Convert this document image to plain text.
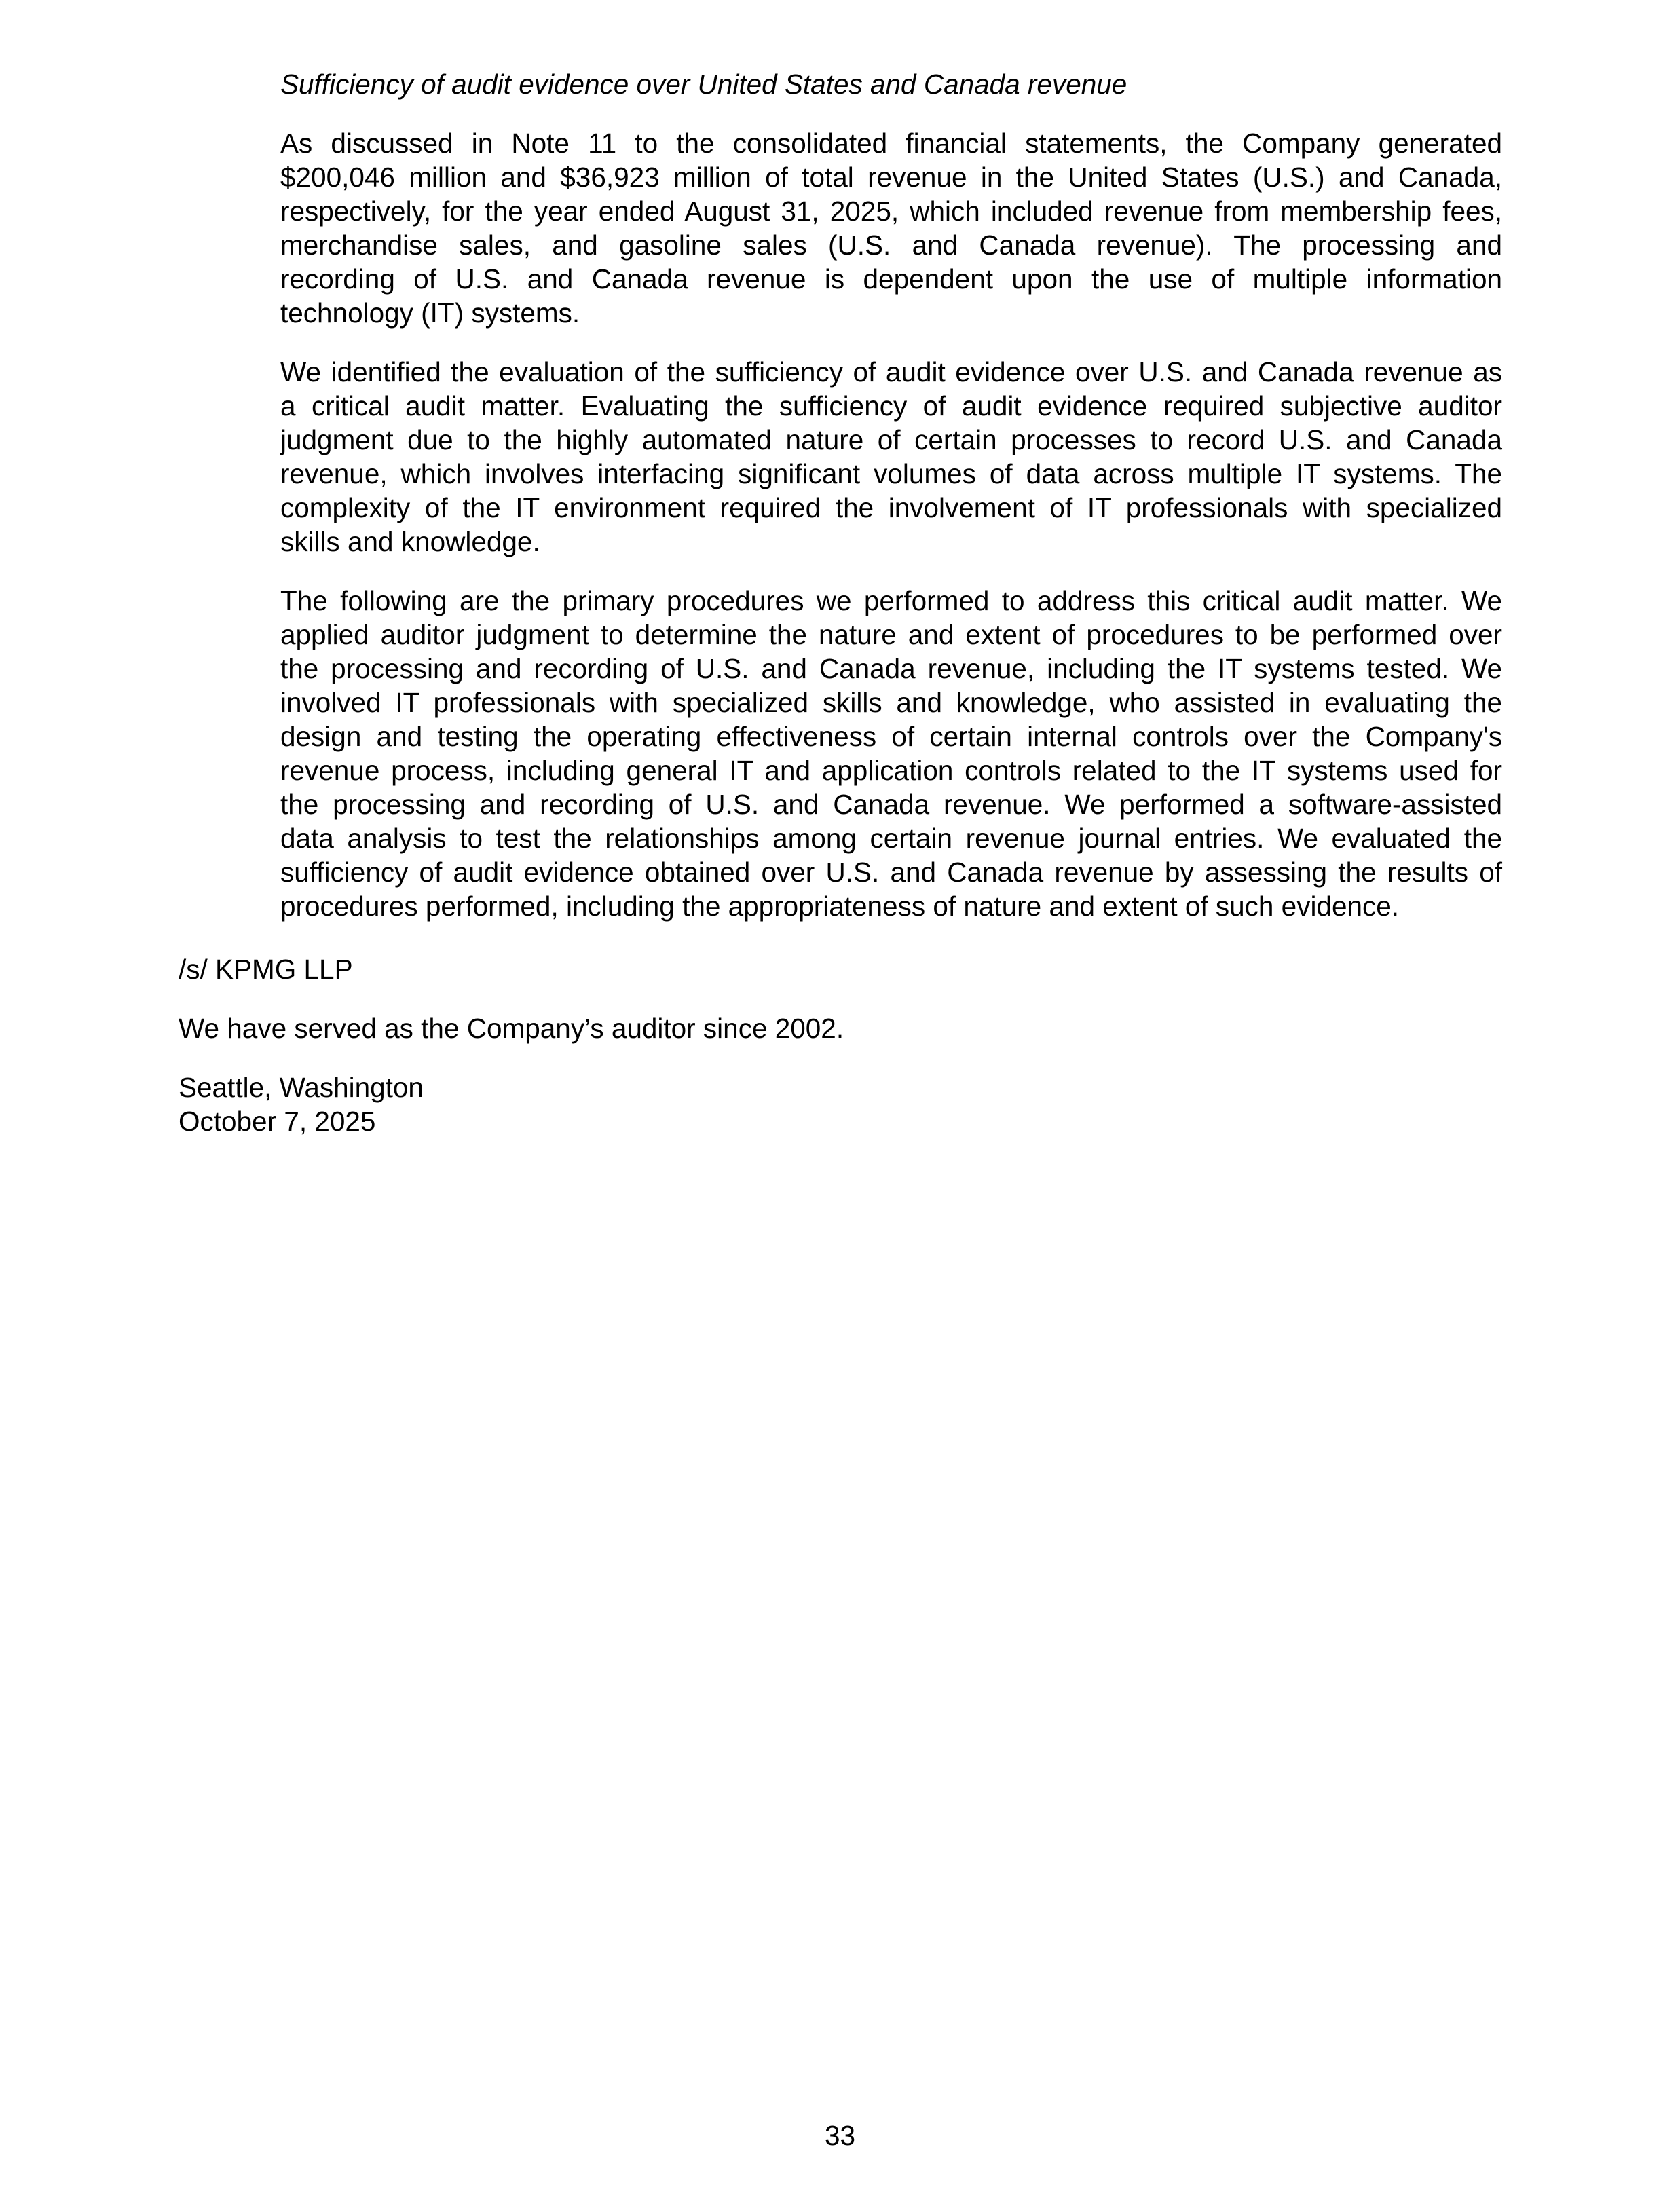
Sufficiency of audit evidence over United States and Canada revenue
As discussed in Note 11 to the consolidated financial statements, the Company generated
$200,046 million and $36,923 million of total revenue in the United States (U.S.) and Canada,
respectively, for the year ended August 31, 2025, which included revenue from membership fees,
merchandise sales, and gasoline sales (U.S. and Canada revenue). The processing and
recording of U.S. and Canada revenue is dependent upon the use of multiple information
technology (IT) systems.
We identified the evaluation of the sufficiency of audit evidence over U.S. and Canada revenue as
a critical audit matter. Evaluating the sufficiency of audit evidence required subjective auditor
judgment due to the highly automated nature of certain processes to record U.S. and Canada
revenue, which involves interfacing significant volumes of data across multiple IT systems. The
complexity of the IT environment required the involvement of IT professionals with specialized
skills and knowledge.
The following are the primary procedures we performed to address this critical audit matter. We
applied auditor judgment to determine the nature and extent of procedures to be performed over
the processing and recording of U.S. and Canada revenue, including the IT systems tested. We
involved IT professionals with specialized skills and knowledge, who assisted in evaluating the
design and testing the operating effectiveness of certain internal controls over the Company's
revenue process, including general IT and application controls related to the IT systems used for
the processing and recording of U.S. and Canada revenue. We performed a software-assisted
data analysis to test the relationships among certain revenue journal entries. We evaluated the
sufficiency of audit evidence obtained over U.S. and Canada revenue by assessing the results of
procedures performed, including the appropriateness of nature and extent of such evidence.

/s/ KPMG LLP

We have served as the Company’s auditor since 2002.

Seattle, Washington
October 7, 2025

33
